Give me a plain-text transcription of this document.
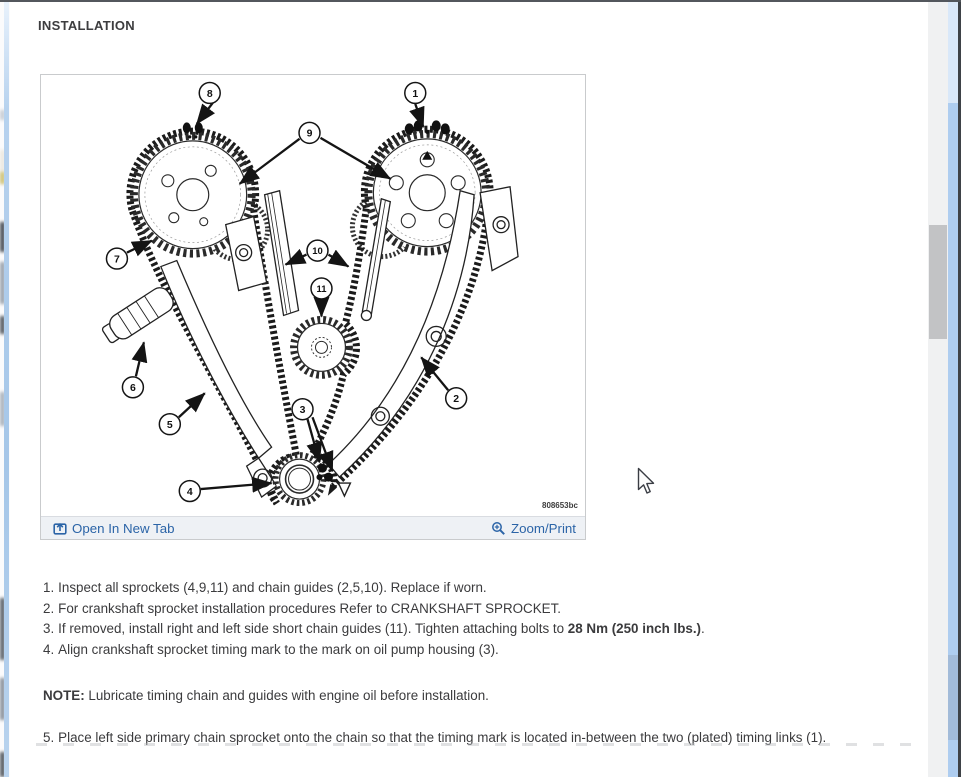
INSTALLATION
8	1
9
7
10
11
6
5
2
3
4
808653bc
Open In New Tab	Zoom/Print
1. Inspect all sprockets (4,9,11) and chain guides (2,5,10). Replace if worn.
2. For crankshaft sprocket installation procedures Refer to CRANKSHAFT SPROCKET.
3. If removed, install right and left side short chain guides (11). Tighten attaching bolts to 28 Nm (250 inch lbs.).
4. Align crankshaft sprocket timing mark to the mark on oil pump housing (3).
NOTE: Lubricate timing chain and guides with engine oil before installation.
5. Place left side primary chain sprocket onto the chain so that the timing mark is located in-between the two (plated) timing links (1).
